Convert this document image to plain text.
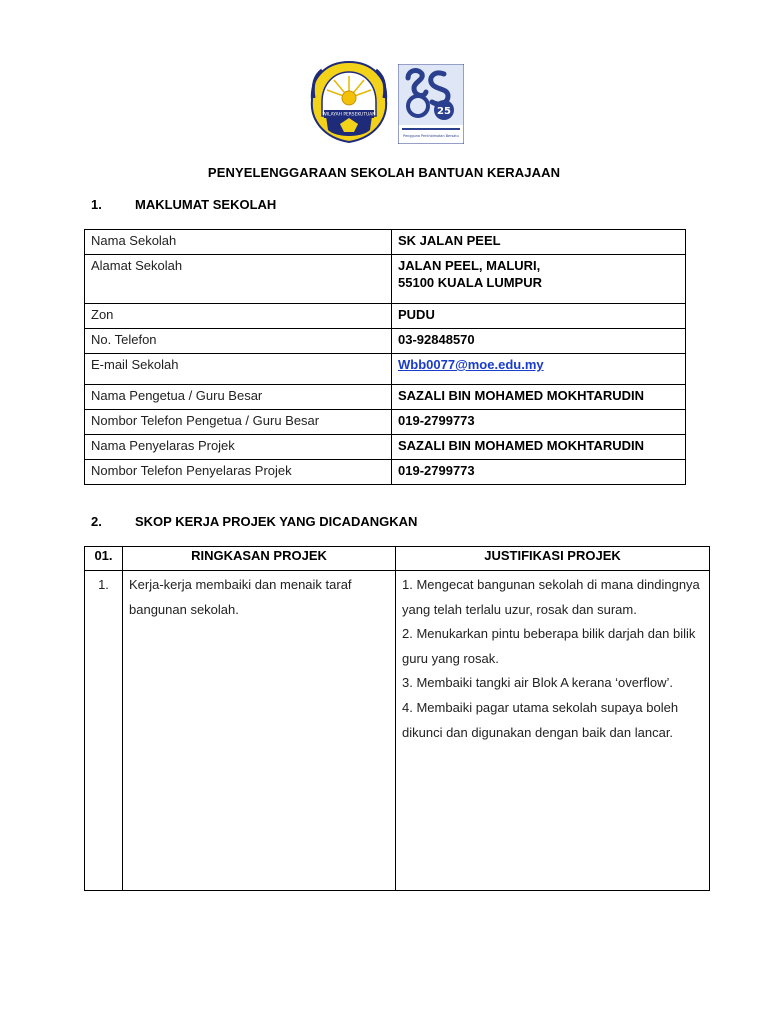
WILAYAH PERSEKUTUAN	25
Pengguna Perkhidmatan Bersatu
PENYELENGGARAAN SEKOLAH BANTUAN KERAJAAN
1.	MAKLUMAT SEKOLAH
Nama Sekolah	SK JALAN PEEL
Alamat Sekolah	JALAN PEEL, MALURI,
55100 KUALA LUMPUR

Zon	PUDU
No. Telefon	03-92848570
E-mail Sekolah	Wbb0077@moe.edu.my
Nama Pengetua / Guru Besar	SAZALI BIN MOHAMED MOKHTARUDIN
Nombor Telefon Pengetua / Guru Besar	019-2799773
Nama Penyelaras Projek	SAZALI BIN MOHAMED MOKHTARUDIN
Nombor Telefon Penyelaras Projek	019-2799773
2.	SKOP KERJA PROJEK YANG DICADANGKAN
01.	RINGKASAN PROJEK	JUSTIFIKASI PROJEK
1.	Kerja-kerja membaiki dan menaik taraf bangunan sekolah.	1. Mengecat bangunan sekolah di mana dindingnya yang telah terlalu uzur, rosak dan suram.

2. Menukarkan pintu beberapa bilik darjah dan bilik guru yang rosak.

3. Membaiki tangki air Blok A kerana ‘overflow’.

4. Membaiki pagar utama sekolah supaya boleh dikunci dan digunakan dengan baik dan lancar.
